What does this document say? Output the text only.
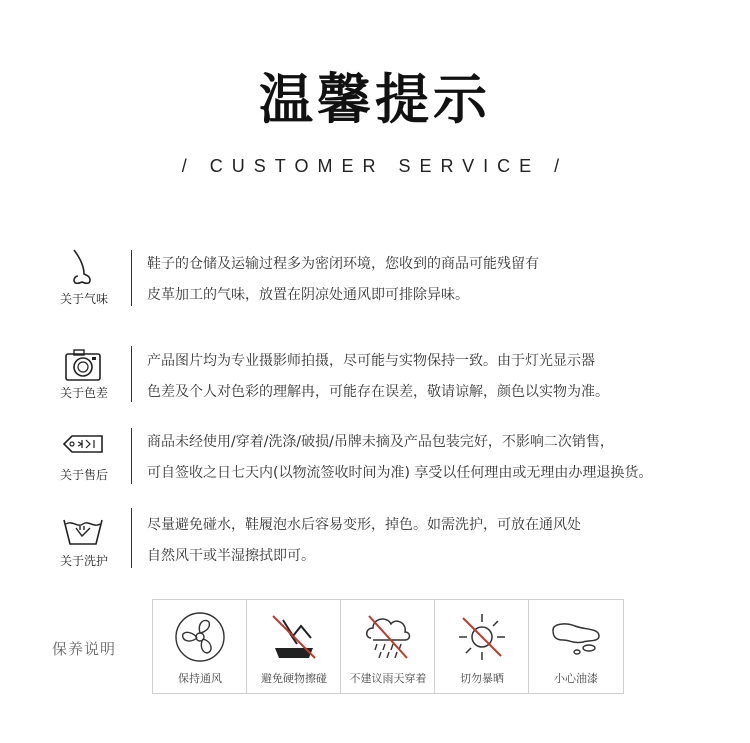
温馨提示
/ CUSTOMER SERVICE /
关于气味
鞋子的仓储及运输过程多为密闭环境，您收到的商品可能残留有
皮革加工的气味，放置在阴凉处通风即可排除异味。
关于色差
产品图片均为专业摄影师拍摄，尽可能与实物保持一致。由于灯光显示器
色差及个人对色彩的理解冉，可能存在误差，敬请谅解，颜色以实物为准。
关于售后
商品未经使用/穿着/洗涤/破损/吊牌未摘及产品包装完好，不影响二次销售，
可自签收之日七天内(以物流签收时间为准) 享受以任何理由或无理由办理退换货。
关于洗护
尽量避免碰水，鞋履泡水后容易变形，掉色。如需洗护，可放在通风处
自然风干或半湿擦拭即可。
保养说明
保持通风	避免硬物擦碰	不建议雨天穿着	切勿暴晒	小心油漆
